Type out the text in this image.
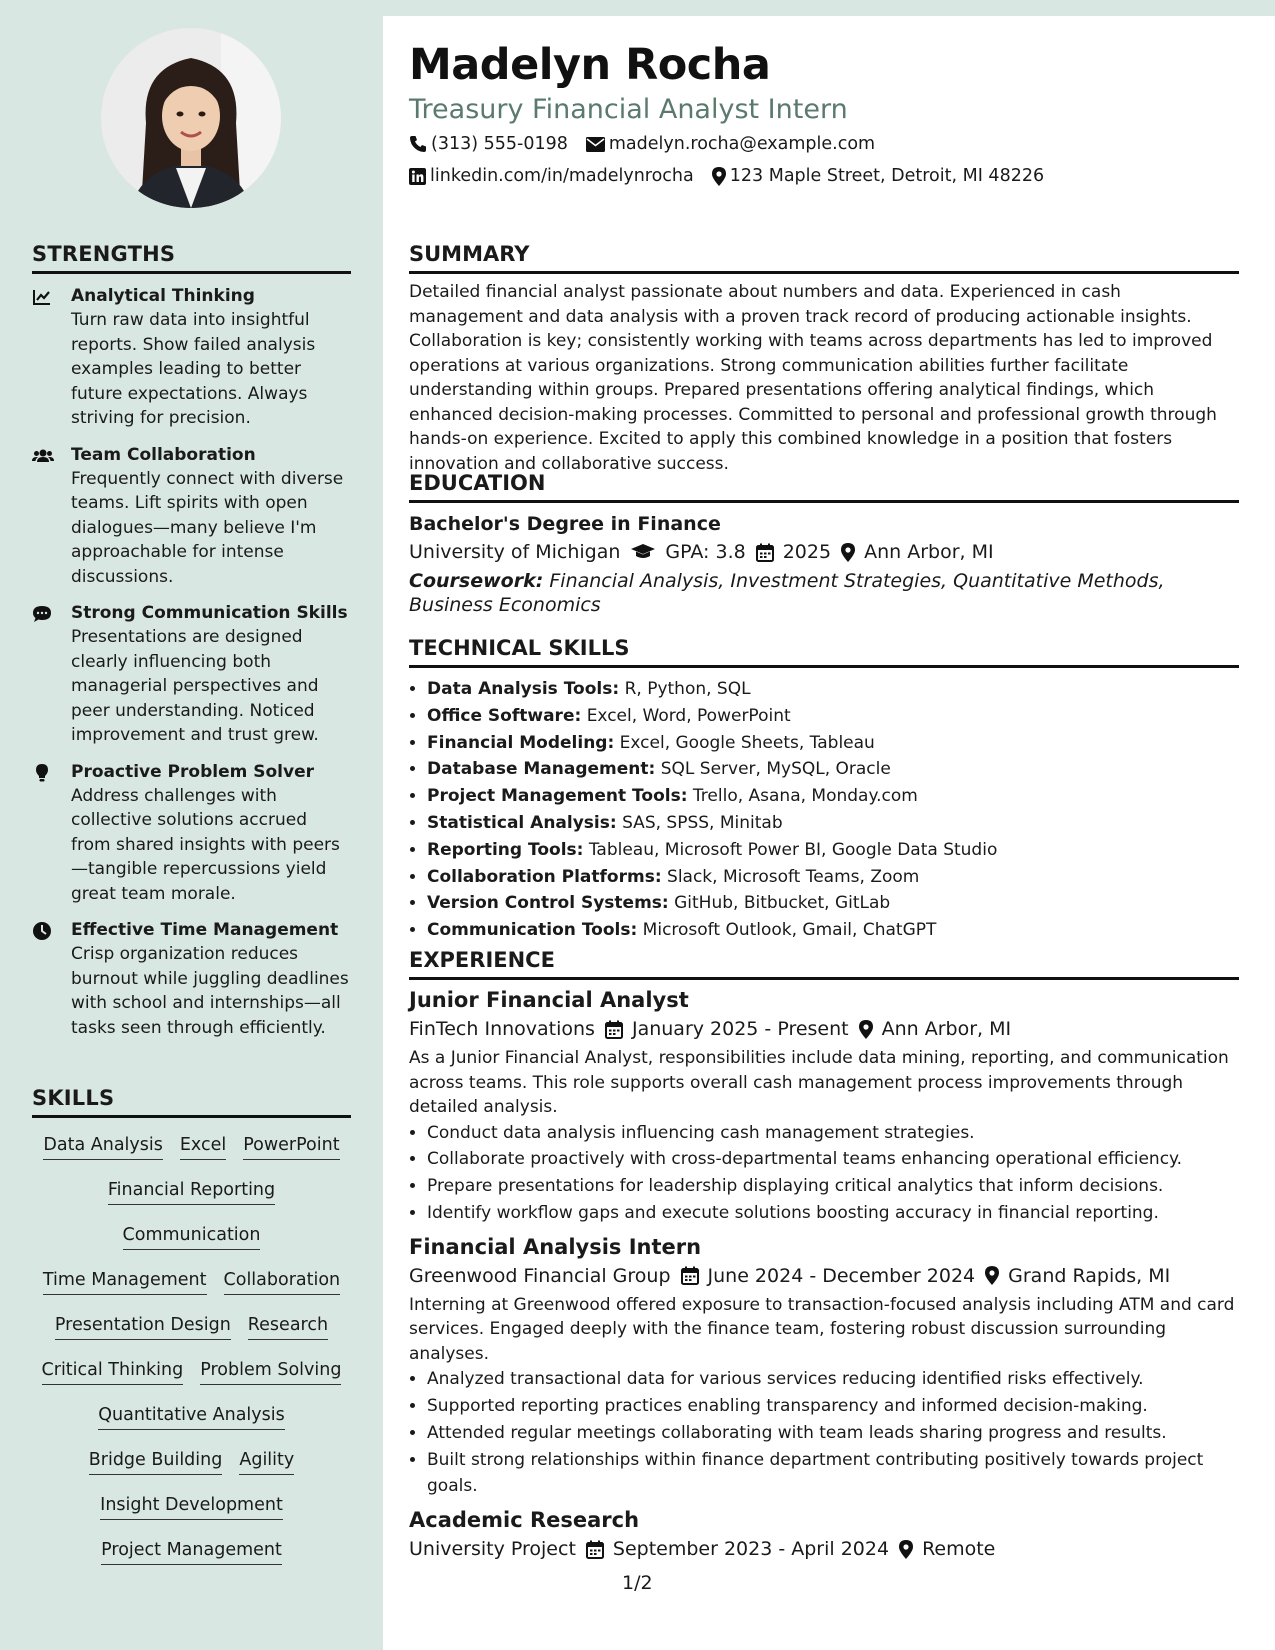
STRENGTHS
Analytical Thinking
Turn raw data into insightful reports. Show failed analysis examples leading to better future expectations. Always striving for precision.
Team Collaboration
Frequently connect with diverse teams. Lift spirits with open dialogues—many believe I'm approachable for intense discussions.
Strong Communication Skills
Presentations are designed clearly influencing both managerial perspectives and peer understanding. Noticed improvement and trust grew.
Proactive Problem Solver
Address challenges with collective solutions accrued from shared insights with peers—tangible repercussions yield great team morale.
Effective Time Management
Crisp organization reduces burnout while juggling deadlines with school and internships—all tasks seen through efficiently.
SKILLS
Data Analysis Excel PowerPoint
Financial Reporting
Communication
Time Management Collaboration
Presentation Design Research
Critical Thinking Problem Solving
Quantitative Analysis
Bridge Building Agility
Insight Development
Project Management
Madelyn Rocha
Treasury Financial Analyst Intern
(313) 555-0198 madelyn.rocha@example.com
linkedin.com/in/madelynrocha 123 Maple Street, Detroit, MI 48226
SUMMARY
Detailed financial analyst passionate about numbers and data. Experienced in cash management and data analysis with a proven track record of producing actionable insights. Collaboration is key; consistently working with teams across departments has led to improved operations at various organizations. Strong communication abilities further facilitate understanding within groups. Prepared presentations offering analytical findings, which enhanced decision-making processes. Committed to personal and professional growth through hands-on experience. Excited to apply this combined knowledge in a position that fosters innovation and collaborative success.
EDUCATION
Bachelor's Degree in Finance
University of Michigan GPA: 3.8 2025 Ann Arbor, MI
Coursework: Financial Analysis, Investment Strategies, Quantitative Methods, Business Economics
TECHNICAL SKILLS
• Data Analysis Tools: R, Python, SQL
• Office Software: Excel, Word, PowerPoint
• Financial Modeling: Excel, Google Sheets, Tableau
• Database Management: SQL Server, MySQL, Oracle
• Project Management Tools: Trello, Asana, Monday.com
• Statistical Analysis: SAS, SPSS, Minitab
• Reporting Tools: Tableau, Microsoft Power BI, Google Data Studio
• Collaboration Platforms: Slack, Microsoft Teams, Zoom
• Version Control Systems: GitHub, Bitbucket, GitLab
• Communication Tools: Microsoft Outlook, Gmail, ChatGPT
EXPERIENCE
Junior Financial Analyst
FinTech Innovations January 2025 - Present Ann Arbor, MI
As a Junior Financial Analyst, responsibilities include data mining, reporting, and communication across teams. This role supports overall cash management process improvements through detailed analysis.
• Conduct data analysis influencing cash management strategies.
• Collaborate proactively with cross-departmental teams enhancing operational efficiency.
• Prepare presentations for leadership displaying critical analytics that inform decisions.
• Identify workflow gaps and execute solutions boosting accuracy in financial reporting.
Financial Analysis Intern
Greenwood Financial Group June 2024 - December 2024 Grand Rapids, MI
Interning at Greenwood offered exposure to transaction-focused analysis including ATM and card services. Engaged deeply with the finance team, fostering robust discussion surrounding analyses.
• Analyzed transactional data for various services reducing identified risks effectively.
• Supported reporting practices enabling transparency and informed decision-making.
• Attended regular meetings collaborating with team leads sharing progress and results.
• Built strong relationships within finance department contributing positively towards project goals.
Academic Research
University Project September 2023 - April 2024 Remote
1/2
